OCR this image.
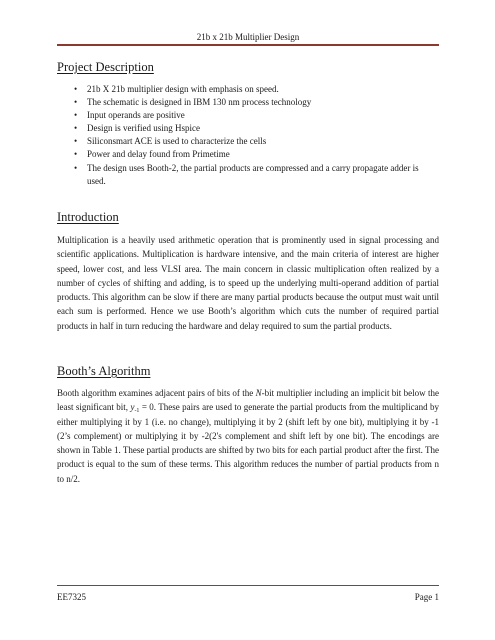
21b x 21b Multiplier Design
Project Description
• 21b X 21b multiplier design with emphasis on speed.
• The schematic is designed in IBM 130 nm process technology
• Input operands are positive
• Design is verified using Hspice
• Siliconsmart ACE is used to characterize the cells
• Power and delay found from Primetime
• The design uses Booth-2, the partial products are compressed and a carry propagate adder is used.
Introduction

Multiplication is a heavily used arithmetic operation that is prominently used in signal processing and scientific applications. Multiplication is hardware intensive, and the main criteria of interest are higher speed, lower cost, and less VLSI area. The main concern in classic multiplication often realized by a number of cycles of shifting and adding, is to speed up the underlying multi-operand addition of partial products. This algorithm can be slow if there are many partial products because the output must wait until each sum is performed. Hence we use Booth’s algorithm which cuts the number of required partial products in half in turn reducing the hardware and delay required to sum the partial products.

Booth’s Algorithm

Booth algorithm examines adjacent pairs of bits of the N-bit multiplier including an implicit bit below the least significant bit, $y_{-1} = 0$. These pairs are used to generate the partial products from the multiplicand by either multiplying it by 1 (i.e. no change), multiplying it by 2 (shift left by one bit), multiplying it by -1 (2’s complement) or multiplying it by -2(2's complement and shift left by one bit). The encodings are shown in Table 1. These partial products are shifted by two bits for each partial product after the first. The product is equal to the sum of these terms. This algorithm reduces the number of partial products from n to n/2.

EE7325	Page 1
